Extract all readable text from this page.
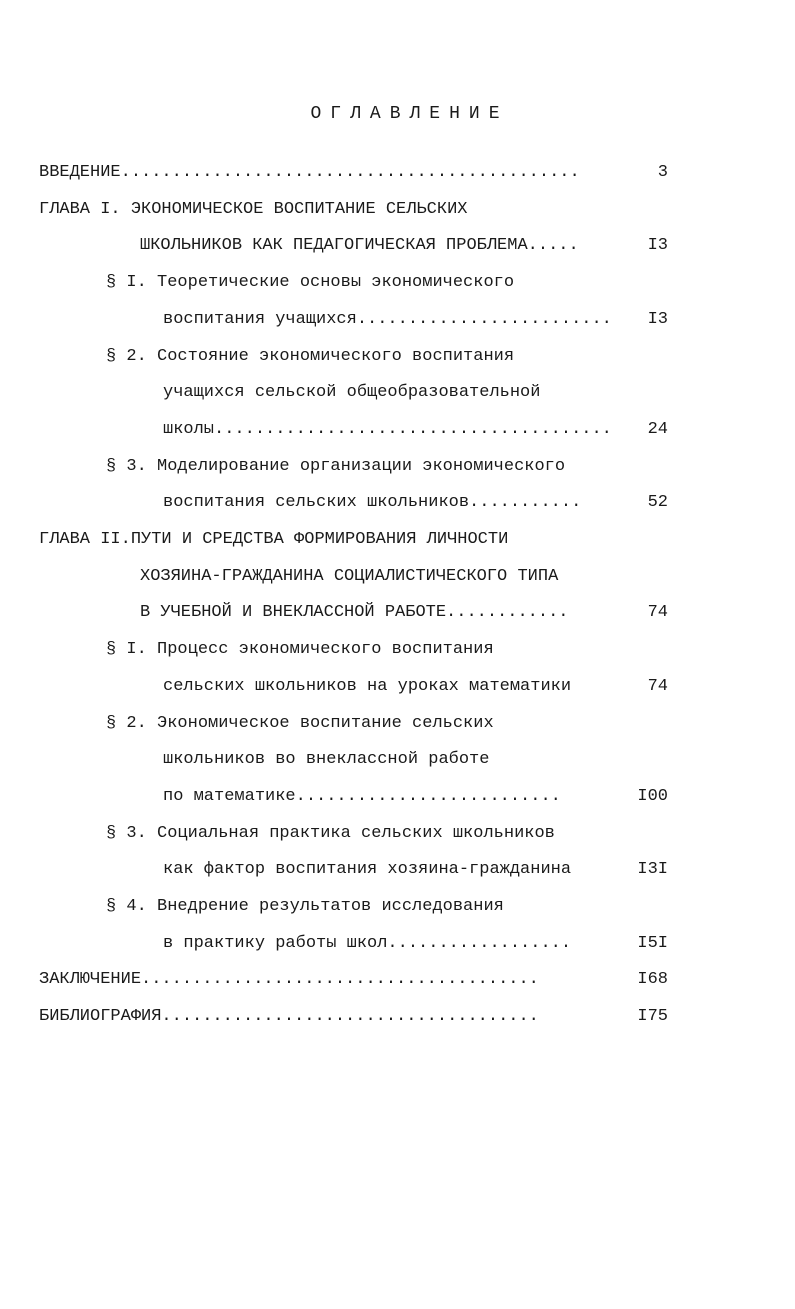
ОГЛАВЛЕНИЕ
ВВЕДЕНИЕ.............................................	3
ГЛАВА I. ЭКОНОМИЧЕСКОЕ ВОСПИТАНИЕ СЕЛЬСКИХ
ШКОЛЬНИКОВ КАК ПЕДАГОГИЧЕСКАЯ ПРОБЛЕМА.....	I3
§ I. Теоретические основы экономического
воспитания учащихся......................... I3
§ 2. Состояние экономического воспитания
учащихся сельской общеобразовательной
школы....................................... 24
§ 3. Моделирование организации экономического
воспитания сельских школьников...........	52
ГЛАВА II.ПУТИ И СРЕДСТВА ФОРМИРОВАНИЯ ЛИЧНОСТИ
ХОЗЯИНА-ГРАЖДАНИНА СОЦИАЛИСТИЧЕСКОГО ТИПА
В УЧЕБНОЙ И ВНЕКЛАССНОЙ РАБОТЕ............	74
§ I. Процесс экономического воспитания
сельских школьников на уроках математики	74
§ 2. Экономическое воспитание сельских
школьников во внеклассной работе
по математике..........................	I00
§ 3. Социальная практика сельских школьников
как фактор воспитания хозяина-гражданина	I3I
§ 4. Внедрение результатов исследования
в практику работы школ..................	I5I
ЗАКЛЮЧЕНИЕ.......................................	I68
БИБЛИОГРАФИЯ.....................................	I75
